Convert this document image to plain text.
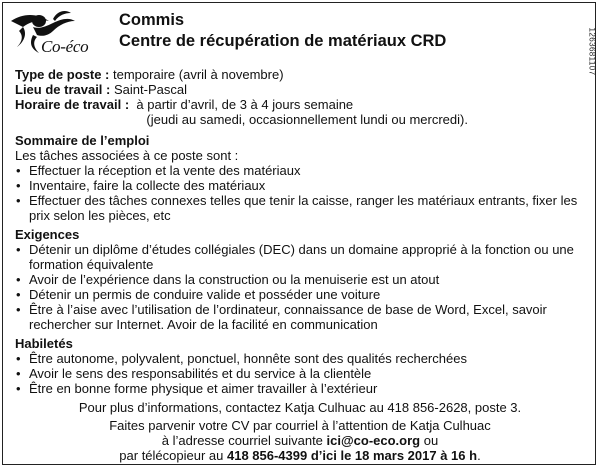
Co-éco
Commis
Centre de récupération de matériaux CRD	1263681107
Type de poste :
temporaire (avril à novembre)
Lieu de travail :
Saint-Pascal
Horaire de travail :
à partir d’avril, de 3 à 4 jours semaine
(jeudi au samedi, occasionnellement lundi ou mercredi).
Sommaire de l’emploi
Les tâches associées à ce poste sont :
• Effectuer la réception et la vente des matériaux
• Inventaire, faire la collecte des matériaux
• Effectuer des tâches connexes telles que tenir la caisse, ranger les matériaux entrants, fixer les prix selon les pièces, etc
Exigences
• Détenir un diplôme d’études collégiales (DEC) dans un domaine approprié à la fonction ou une formation équivalente
• Avoir de l’expérience dans la construction ou la menuiserie est un atout
• Détenir un permis de conduire valide et posséder une voiture
• Être à l’aise avec l’utilisation de l’ordinateur, connaissance de base de Word, Excel, savoir rechercher sur Internet. Avoir de la facilité en communication
Habiletés
• Être autonome, polyvalent, ponctuel, honnête sont des qualités recherchées
• Avoir le sens des responsabilités et du service à la clientèle
• Être en bonne forme physique et aimer travailler à l’extérieur
Pour plus d’informations, contactez Katja Culhuac au 418 856-2628, poste 3.
Faites parvenir votre CV par courriel à l’attention de Katja Culhuac
à l’adresse courriel suivante ici@co-eco.org ou
par télécopieur au 418 856-4399 d’ici le 18 mars 2017 à 16 h.
